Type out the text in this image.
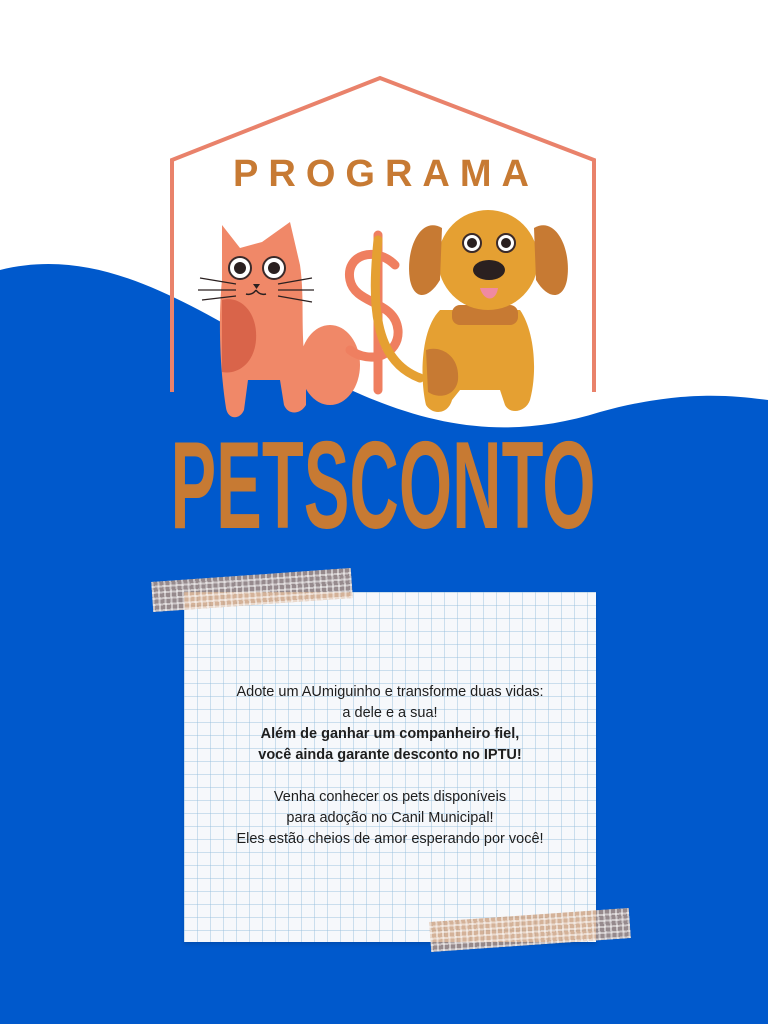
PROGRAMA
PETSCONTO

Adote um AUmiguinho e transforme duas vidas:

a dele e a sua!

Além de ganhar um companheiro fiel,

você ainda garante desconto no IPTU!

Venha conhecer os pets disponíveis

para adoção no Canil Municipal!

Eles estão cheios de amor esperando por você!
